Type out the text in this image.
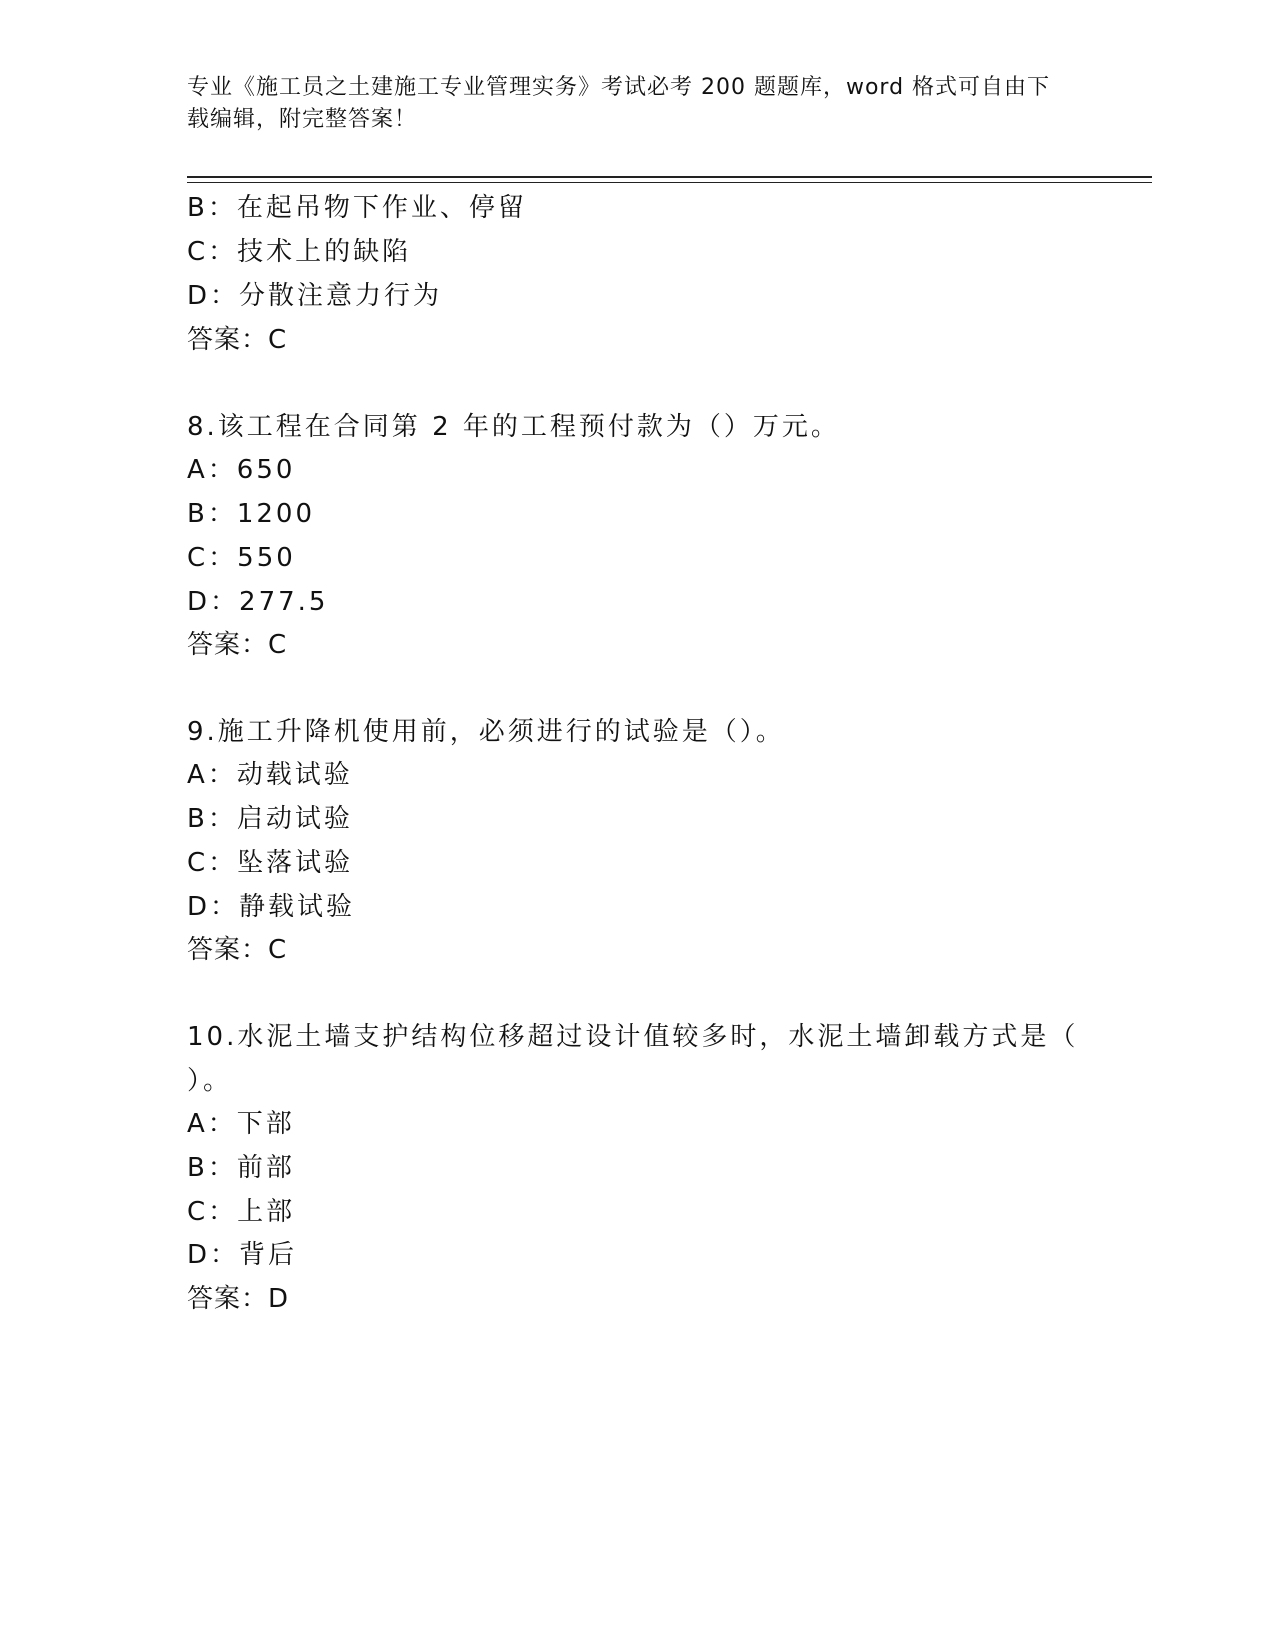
专业《施工员之土建施工专业管理实务》考试必考 200 题题库，word 格式可自由下载编辑，附完整答案！
B：在起吊物下作业、停留
C：技术上的缺陷
D：分散注意力行为
答案：C
8.该工程在合同第 2 年的工程预付款为（）万元。
A：650
B：1200
C：550
D：277.5
答案：C
9.施工升降机使用前，必须进行的试验是（）。
A：动载试验
B：启动试验
C：坠落试验
D：静载试验
答案：C
10.水泥土墙支护结构位移超过设计值较多时，水泥土墙卸载方式是（
）。
A：下部
B：前部
C：上部
D：背后
答案：D
